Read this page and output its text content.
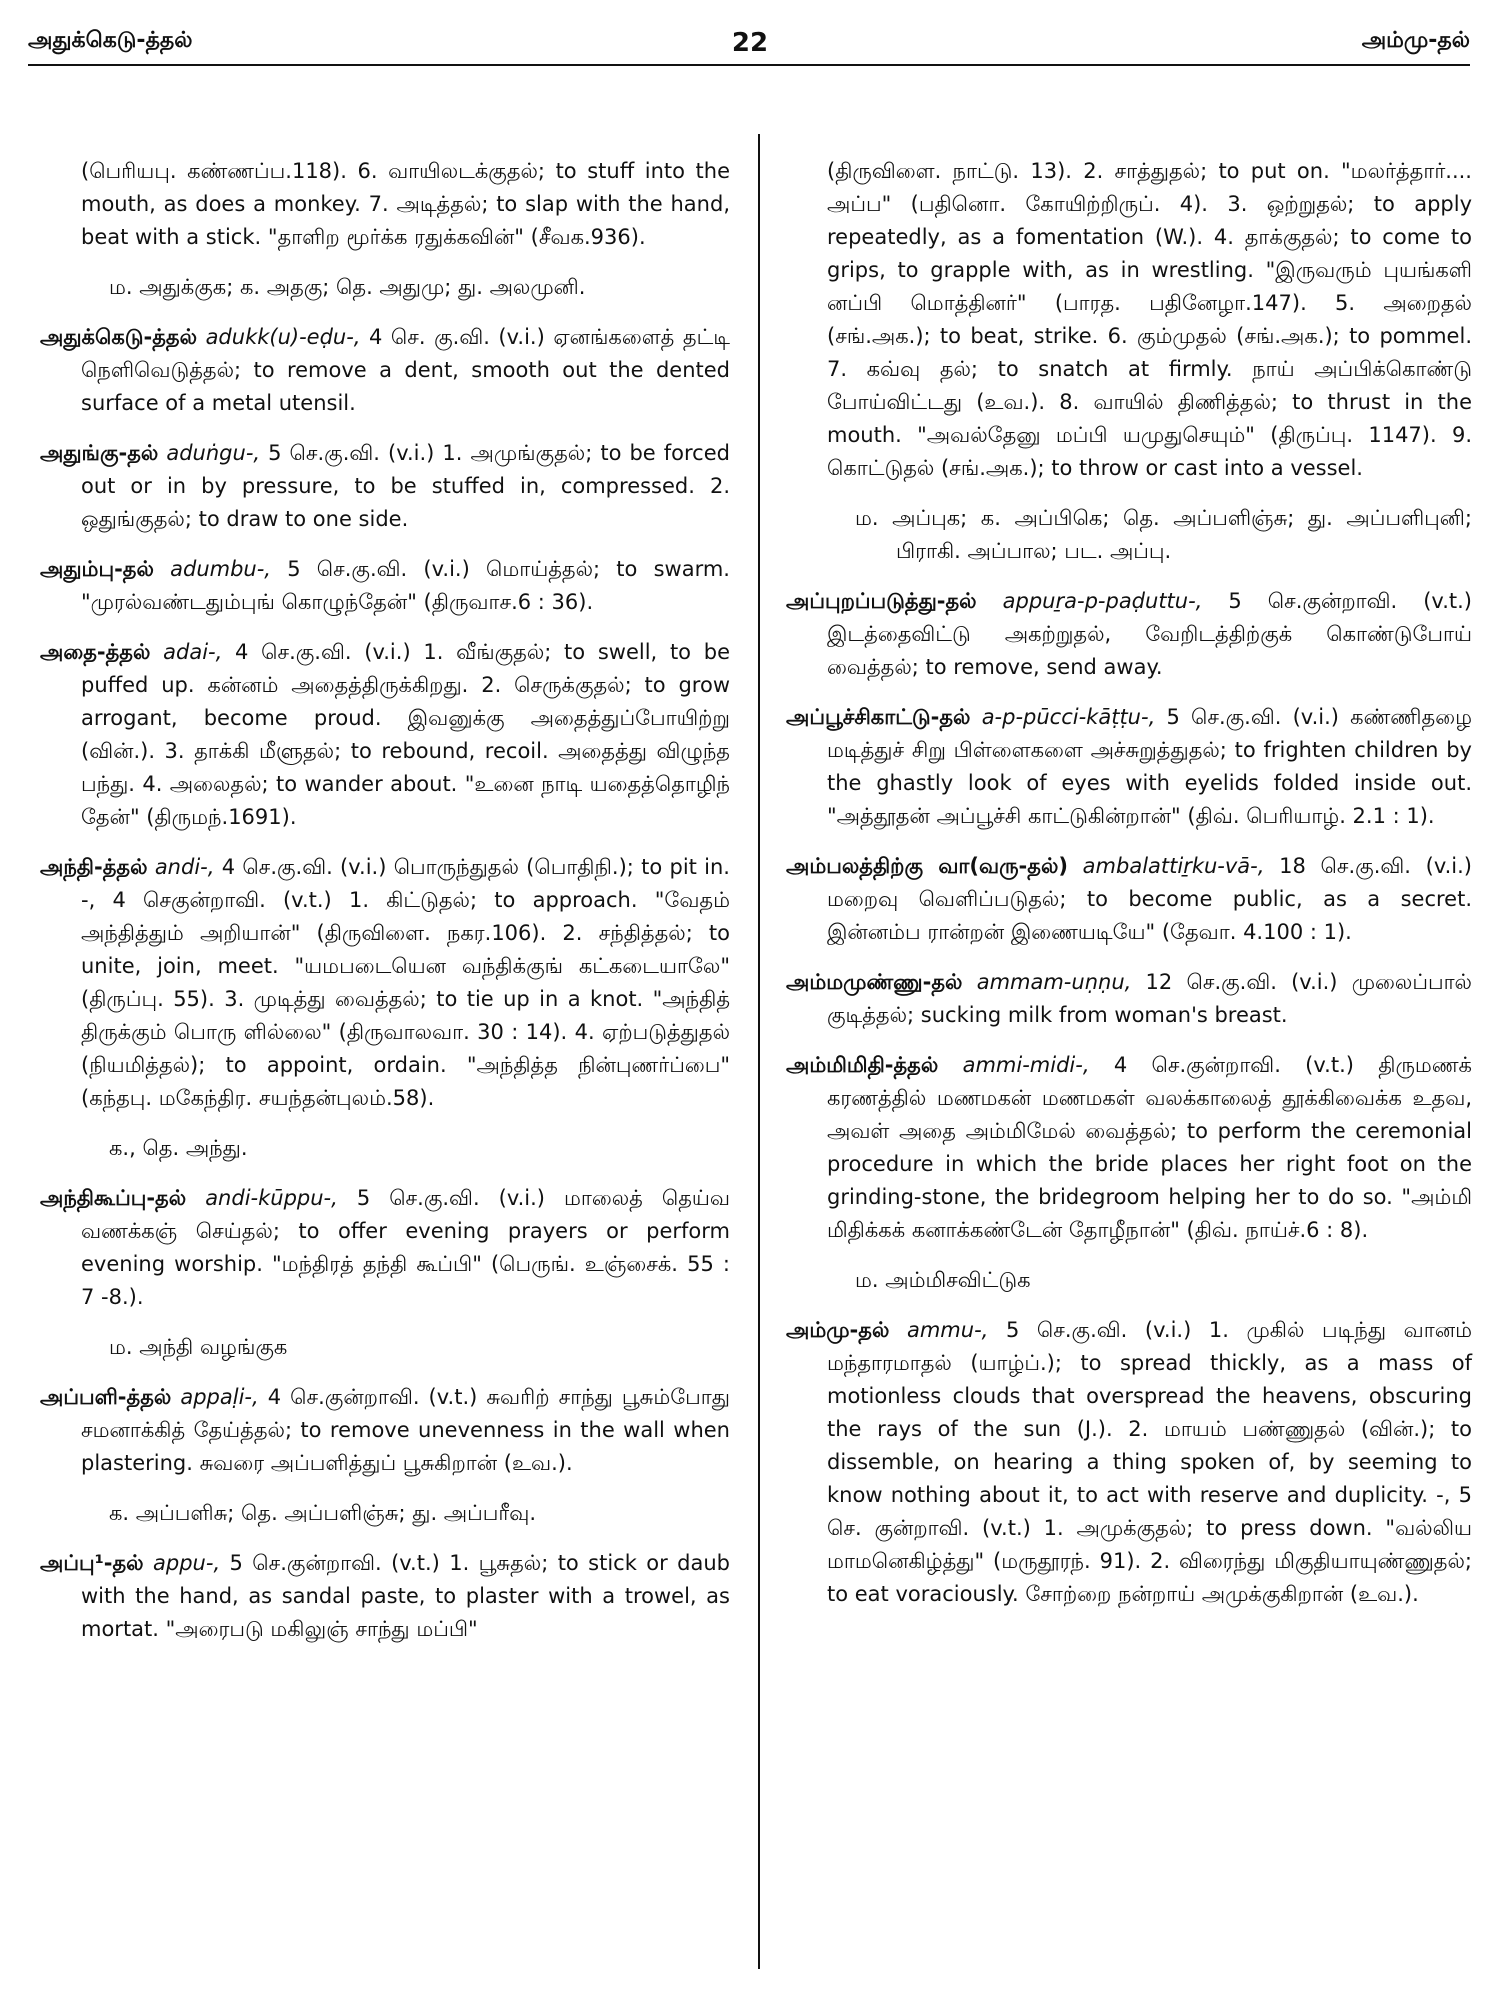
அதுக்கெடு-த்தல்	22	அம்மு-தல்

(பெரியபு. கண்ணப்ப.118). 6. வாயிலடக்குதல்; to stuff into the mouth, as does a monkey. 7. அடித்தல்; to slap with the hand, beat with a stick. "தாளிற மூர்க்க ரதுக்கவின்" (சீவக.936).

ம. அதுக்குக; க. அதகு; தெ. அதுமு; து. அலமுனி.

அதுக்கெடு-த்தல் adukk(u)-eḍu-, 4 செ. கு.வி. (v.i.) ஏனங்களைத் தட்டி நெளிவெடுத்தல்; to remove a dent, smooth out the dented surface of a metal utensil.

அதுங்கு-தல் aduṅgu-, 5 செ.கு.வி. (v.i.) 1. அமுங்குதல்; to be forced out or in by pressure, to be stuffed in, compressed. 2. ஒதுங்குதல்; to draw to one side.

அதும்பு-தல் adumbu-, 5 செ.கு.வி. (v.i.) மொய்த்தல்; to swarm. "முரல்வண்டதும்புங் கொழுந்தேன்" (திருவாச.6 : 36).

அதை-த்தல் adai-, 4 செ.கு.வி. (v.i.) 1. வீங்குதல்; to swell, to be puffed up. கன்னம் அதைத்திருக்கிறது. 2. செருக்குதல்; to grow arrogant, become proud. இவனுக்கு அதைத்துப்போயிற்று (வின்.). 3. தாக்கி மீளுதல்; to rebound, recoil. அதைத்து விழுந்த பந்து. 4. அலைதல்; to wander about. "உனை நாடி யதைத்தொழிந் தேன்" (திருமந்.1691).

அந்தி-த்தல் andi-, 4 செ.கு.வி. (v.i.) பொருந்துதல் (பொதிநி.); to pit in. -, 4 செகுன்றாவி. (v.t.) 1. கிட்டுதல்; to approach. "வேதம் அந்தித்தும் அறியான்" (திருவிளை. நகர.106). 2. சந்தித்தல்; to unite, join, meet. "யமபடையென வந்திக்குங் கட்கடையாலே" (திருப்பு. 55). 3. முடித்து வைத்தல்; to tie up in a knot. "அந்தித் திருக்கும் பொரு ளில்லை" (திருவாலவா. 30 : 14). 4. ஏற்படுத்துதல் (நியமித்தல்); to appoint, ordain. "அந்தித்த நின்புணர்ப்பை" (கந்தபு. மகேந்திர. சயந்தன்புலம்.58).

க., தெ. அந்து.

அந்திகூப்பு-தல் andi-kūppu-, 5 செ.கு.வி. (v.i.) மாலைத் தெய்வ வணக்கஞ் செய்தல்; to offer evening prayers or perform evening worship. "மந்திரத் தந்தி கூப்பி" (பெருங். உஞ்சைக். 55 : 7 -8.).

ம. அந்தி வழங்குக

அப்பளி-த்தல் appaḷi-, 4 செ.குன்றாவி. (v.t.) சுவரிற் சாந்து பூசும்போது சமனாக்கித் தேய்த்தல்; to remove unevenness in the wall when plastering. சுவரை அப்பளித்துப் பூசுகிறான் (உவ.).

க. அப்பளிசு; தெ. அப்பளிஞ்சு; து. அப்பரீவு.

அப்பு¹-தல் appu-, 5 செ.குன்றாவி. (v.t.) 1. பூசுதல்; to stick or daub with the hand, as sandal paste, to plaster with a trowel, as mortat. "அரைபடு மகிலுஞ் சாந்து மப்பி"

(திருவிளை. நாட்டு. 13). 2. சாத்துதல்; to put on. "மலர்த்தார்.... அப்ப" (பதினொ. கோயிற்றிருப். 4). 3. ஒற்றுதல்; to apply repeatedly, as a fomentation (W.). 4. தாக்குதல்; to come to grips, to grapple with, as in wrestling. "இருவரும் புயங்களி னப்பி மொத்தினர்" (பாரத. பதினேழா.147). 5. அறைதல் (சங்.அக.); to beat, strike. 6. கும்முதல் (சங்.அக.); to pommel. 7. கவ்வு தல்; to snatch at firmly. நாய் அப்பிக்கொண்டு போய்விட்டது (உவ.). 8. வாயில் திணித்தல்; to thrust in the mouth. "அவல்தேனு மப்பி யமுதுசெயும்" (திருப்பு. 1147). 9. கொட்டுதல் (சங்.அக.); to throw or cast into a vessel.

ம. அப்புக; க. அப்பிகெ; தெ. அப்பளிஞ்சு; து. அப்பளிபுனி; பிராகி. அப்பால; பட. அப்பு.

அப்புறப்படுத்து-தல் appuṟa-p-paḍuttu-, 5 செ.குன்றாவி. (v.t.) இடத்தைவிட்டு அகற்றுதல், வேறிடத்திற்குக் கொண்டுபோய் வைத்தல்; to remove, send away.

அப்பூச்சிகாட்டு-தல் a-p-pūcci-kāṭṭu-, 5 செ.கு.வி. (v.i.) கண்ணிதழை மடித்துச் சிறு பிள்ளைகளை அச்சுறுத்துதல்; to frighten children by the ghastly look of eyes with eyelids folded inside out. "அத்தூதன் அப்பூச்சி காட்டுகின்றான்" (திவ். பெரியாழ். 2.1 : 1).

அம்பலத்திற்கு வா(வரு-தல்) ambalattiṟku-vā-, 18 செ.கு.வி. (v.i.) மறைவு வெளிப்படுதல்; to become public, as a secret. இன்னம்ப ரான்றன் இணையடியே" (தேவா. 4.100 : 1).

அம்மமுண்ணு-தல் ammam-uṇṇu, 12 செ.கு.வி. (v.i.) முலைப்பால் குடித்தல்; sucking milk from woman's breast.

அம்மிமிதி-த்தல் ammi-midi-, 4 செ.குன்றாவி. (v.t.) திருமணக் கரணத்தில் மணமகன் மணமகள் வலக்காலைத் தூக்கிவைக்க உதவ, அவள் அதை அம்மிமேல் வைத்தல்; to perform the ceremonial procedure in which the bride places her right foot on the grinding-stone, the bridegroom helping her to do so. "அம்மி மிதிக்கக் கனாக்கண்டேன் தோழீநான்" (திவ். நாய்ச்.6 : 8).

ம. அம்மிசவிட்டுக

அம்மு-தல் ammu-, 5 செ.கு.வி. (v.i.) 1. முகில் படிந்து வானம் மந்தாரமாதல் (யாழ்ப்.); to spread thickly, as a mass of motionless clouds that overspread the heavens, obscuring the rays of the sun (J.). 2. மாயம் பண்ணுதல் (வின்.); to dissemble, on hearing a thing spoken of, by seeming to know nothing about it, to act with reserve and duplicity. -, 5 செ. குன்றாவி. (v.t.) 1. அமுக்குதல்; to press down. "வல்லிய மாமனெகிழ்த்து" (மருதூரந். 91). 2. விரைந்து மிகுதியாயுண்ணுதல்; to eat voraciously. சோற்றை நன்றாய் அமுக்குகிறான் (உவ.).
